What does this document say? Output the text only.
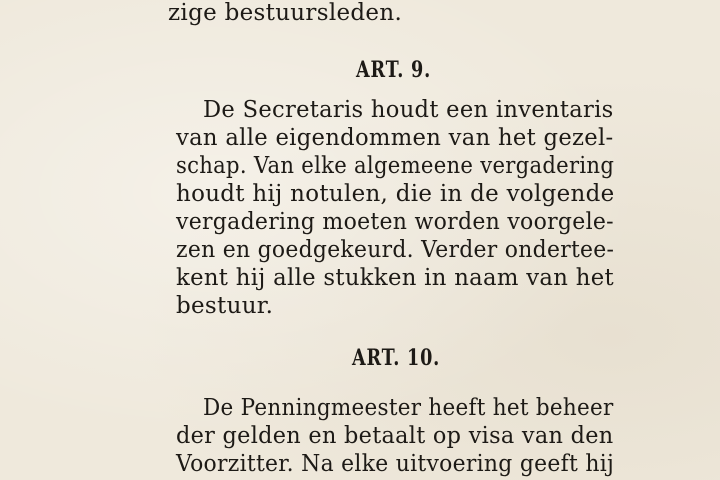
zige bestuursleden.
ART. 9.
De Secretaris houdt een inventaris
van alle eigendommen van het gezel-
schap. Van elke algemeene vergadering
houdt hij notulen, die in de volgende
vergadering moeten worden voorgele-
zen en goedgekeurd. Verder onderteе-
kent hij alle stukken in naam van het
bestuur.
ART. 10.
De Penningmeester heeft het beheer
der gelden en betaalt op visa van den
Voorzitter. Na elke uitvoering geeft hij
